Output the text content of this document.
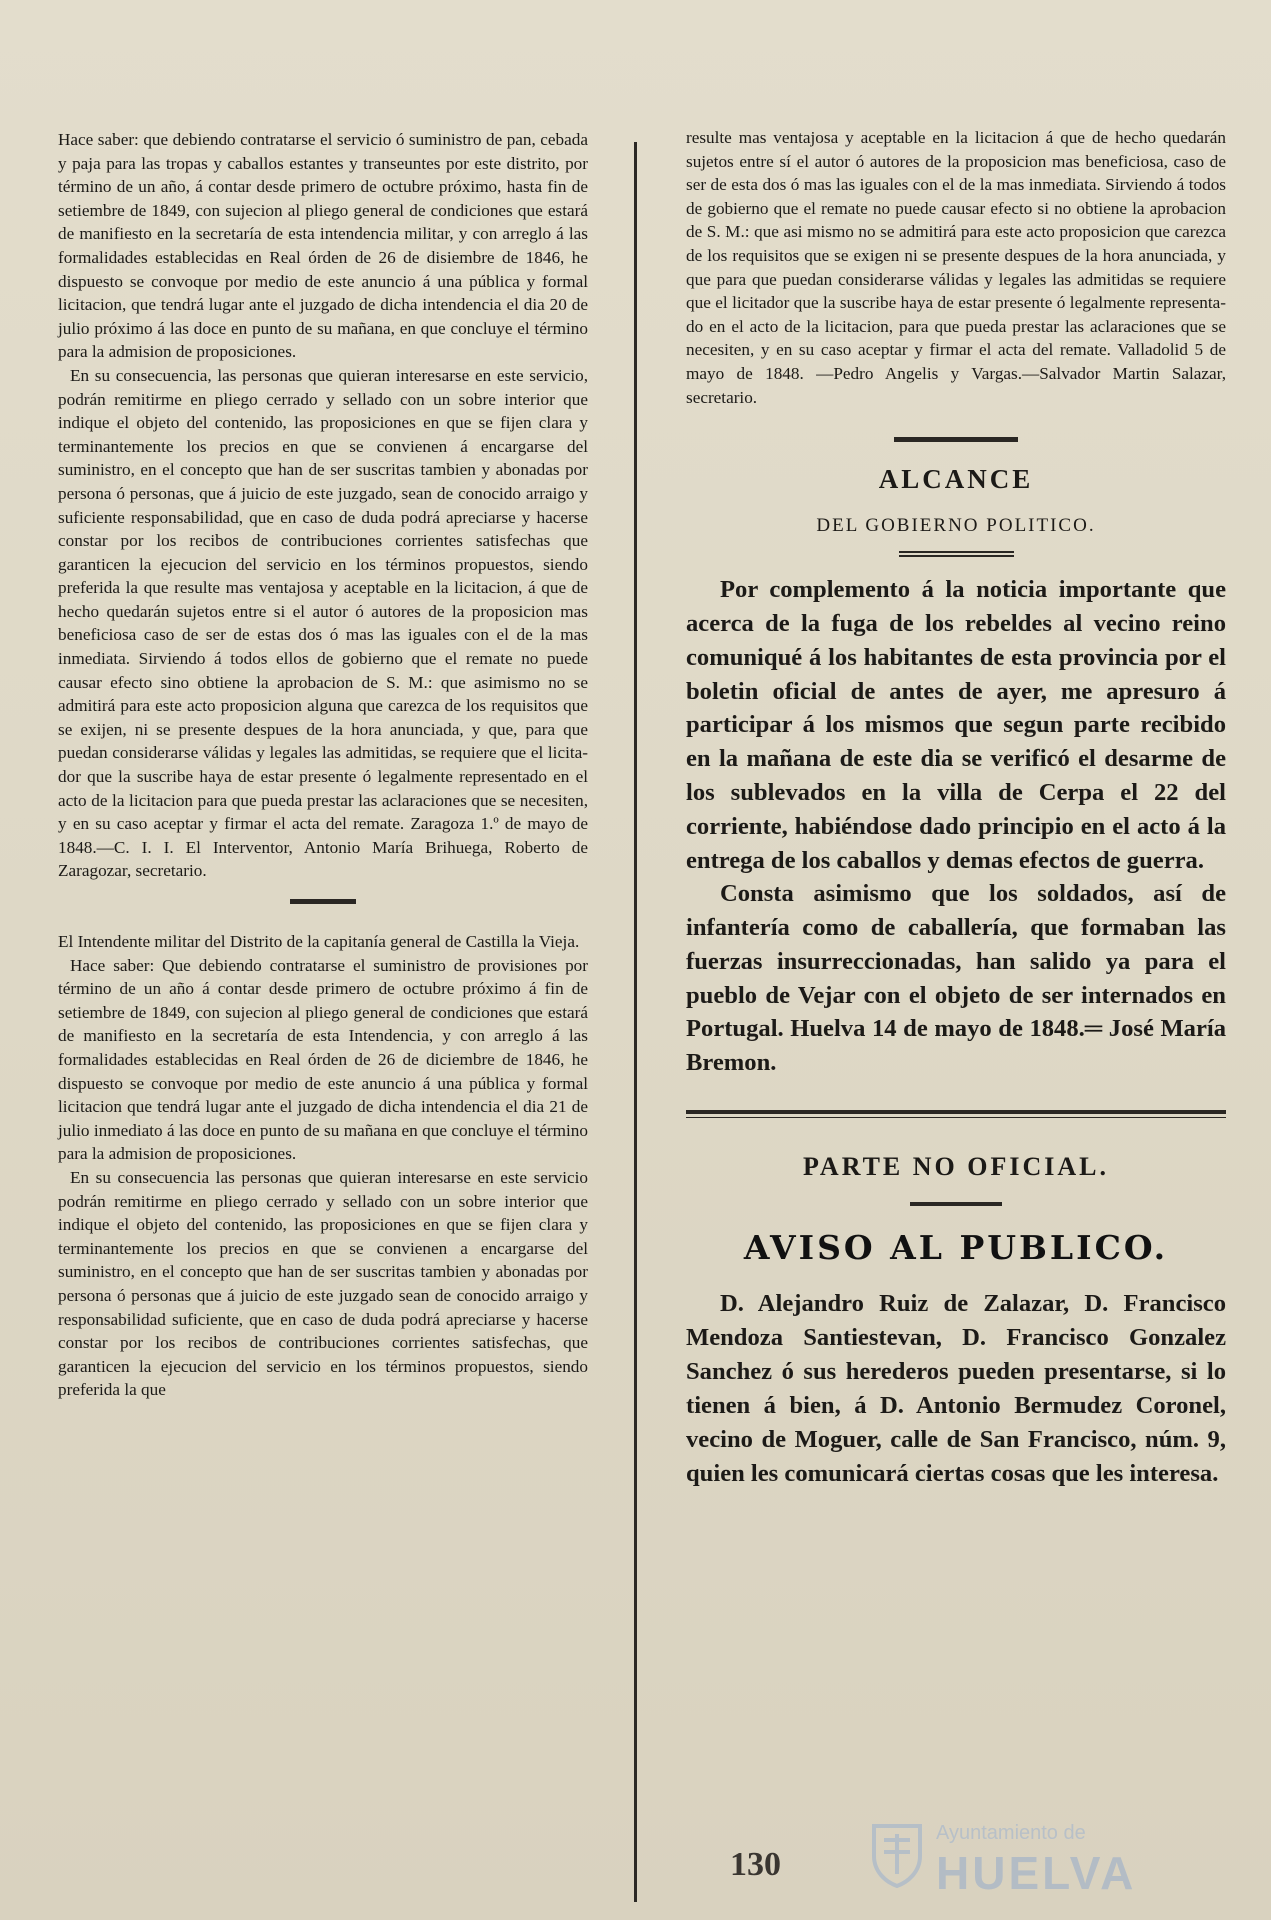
Hace saber: que debiendo contratarse el servicio ó suministro de pan, cebada y paja para las tropas y caballos estantes y transeuntes por este distrito, por término de un año, á contar desde primero de octubre próximo, hasta fin de setiembre de 1849, con sujecion al pliego general de condiciones que estará de manifiesto en la secretaría de esta intendencia militar, y con arreglo á las formalidades establecidas en Real órden de 26 de disiembre de 1846, he dispuesto se convoque por medio de este anuncio á una pública y formal licitacion, que tendrá lugar ante el juzgado de dicha intendencia el dia 20 de julio próximo á las doce en punto de su mañana, en que concluye el término para la admision de proposiciones.

En su consecuencia, las personas que quieran interesarse en este servicio, podrán remitirme en pliego cerrado y sellado con un sobre interior que indique el objeto del contenido, las proposiciones en que se fijen clara y terminantemente los precios en que se convienen á encargarse del suministro, en el concepto que han de ser suscritas tambien y abonadas por persona ó personas, que á juicio de este juzgado, sean de conocido arraigo y suficiente responsabilidad, que en caso de duda podrá apreciarse y hacerse constar por los recibos de contribuciones corrientes satisfechas que garanticen la ejecucion del servicio en los términos propuestos, siendo preferida la que resulte mas ventajosa y aceptable en la licitacion, á que de hecho quedarán sujetos entre si el autor ó autores de la proposicion mas beneficiosa caso de ser de estas dos ó mas las iguales con el de la mas inmediata. Sirviendo á todos ellos de gobierno que el remate no puede causar efecto sino obtiene la aprobacion de S. M.: que asimismo no se admitirá para este acto proposicion alguna que carezca de los requisitos que se exijen, ni se presente despues de la hora anunciada, y que, para que puedan considerarse válidas y legales las admitidas, se requiere que el licitador que la suscribe haya de estar presente ó legalmente representado en el acto de la licitacion para que pueda prestar las aclaraciones que se necesiten, y en su caso aceptar y firmar el acta del remate. Zaragoza 1.º de mayo de 1848.—C. I. I. El Interventor, Antonio María Brihuega, Roberto de Zaragozar, secretario.

El Intendente militar del Distrito de la capitanía general de Castilla la Vieja.

Hace saber: Que debiendo contratarse el suministro de provisiones por término de un año á contar desde primero de octubre próximo á fin de setiembre de 1849, con sujecion al pliego general de condiciones que estará de manifiesto en la secretaría de esta Intendencia, y con arreglo á las formalidades establecidas en Real órden de 26 de diciembre de 1846, he dispuesto se convoque por medio de este anuncio á una pública y formal licitacion que tendrá lugar ante el juzgado de dicha intendencia el dia 21 de julio inmediato á las doce en punto de su mañana en que concluye el término para la admision de proposiciones.

En su consecuencia las personas que quieran interesarse en este servicio podrán remitirme en pliego cerrado y sellado con un sobre interior que indique el objeto del contenido, las proposiciones en que se fijen clara y terminantemente los precios en que se convienen a encargarse del suministro, en el concepto que han de ser suscritas tambien y abonadas por persona ó personas que á juicio de este juzgado sean de conocido arraigo y responsabilidad suficiente, que en caso de duda podrá apreciarse y hacerse constar por los recibos de contribuciones corrientes satisfechas, que garanticen la ejecucion del servicio en los términos propuestos, siendo preferida la que

resulte mas ventajosa y aceptable en la licitacion á que de hecho quedarán sujetos entre sí el autor ó autores de la proposicion mas beneficiosa, caso de ser de esta dos ó mas las iguales con el de la mas inmediata. Sirviendo á todos de gobierno que el remate no puede causar efecto si no obtiene la aprobacion de S. M.: que asi mismo no se admitirá para este acto proposicion que carezca de los requisitos que se exigen ni se presente despues de la hora anunciada, y que para que puedan considerarse válidas y legales las admitidas se requiere que el licitador que la suscribe haya de estar presente ó legalmente representado en el acto de la licitacion, para que pueda prestar las aclaraciones que se necesiten, y en su caso aceptar y firmar el acta del remate. Valladolid 5 de mayo de 1848. —Pedro Angelis y Vargas.—Salvador Martin Salazar, secretario.

ALCANCE
DEL GOBIERNO POLITICO.

Por complemento á la noticia importante que acerca de la fuga de los rebeldes al vecino reino comuniqué á los habitantes de esta provincia por el boletin oficial de antes de ayer, me apresuro á participar á los mismos que segun parte recibido en la mañana de este dia se verificó el desarme de los sublevados en la villa de Cerpa el 22 del corriente, habiéndose dado principio en el acto á la entrega de los caballos y demas efectos de guerra.

Consta asimismo que los soldados, así de infantería como de caballería, que formaban las fuerzas insurreccionadas, han salido ya para el pueblo de Vejar con el objeto de ser internados en Portugal. Huelva 14 de mayo de 1848.═ José María Bremon.

PARTE NO OFICIAL.
AVISO AL PUBLICO.

D. Alejandro Ruiz de Zalazar, D. Francisco Mendoza Santiestevan, D. Francisco Gonzalez Sanchez ó sus herederos pueden presentarse, si lo tienen á bien, á D. Antonio Bermudez Coronel, vecino de Moguer, calle de San Francisco, núm. 9, quien les comunicará ciertas cosas que les interesa.

130
Ayuntamiento de
HUELVA
